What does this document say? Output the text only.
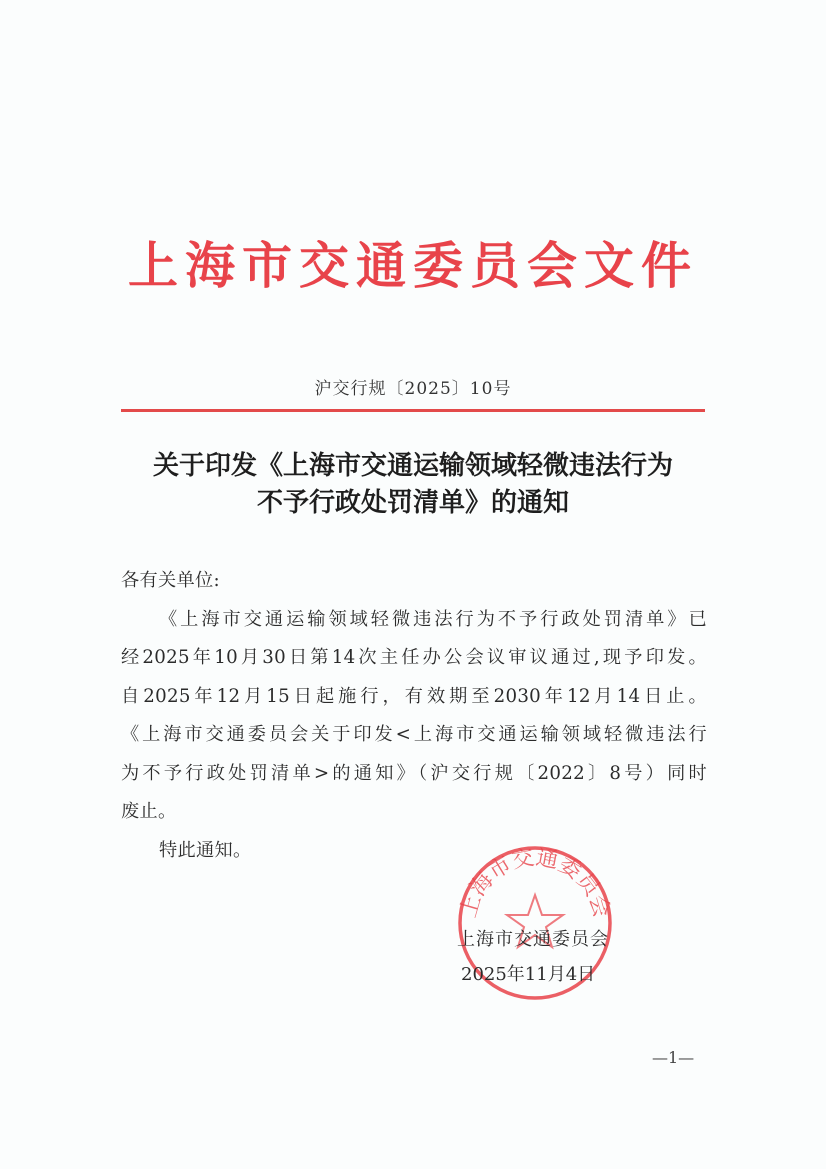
上海市交通委员会文件
沪交行规〔2025〕10号
关于印发《上海市交通运输领域轻微违法行为
不予行政处罚清单》的通知

各有关单位:

《上海市交通运输领域轻微违法行为不予行政处罚清单》已

经2025年10月30日第14次主任办公会议审议通过,现予印发。

自2025年12月15日起施行，有效期至2030年12月14日止。

《上海市交通委员会关于印发<上海市交通运输领域轻微违法行

为不予行政处罚清单>的通知》（沪交行规〔2022〕8号）同时

废止。

特此通知。

上海市交通委员会
上海市交通委员会
2025年11月4日
—1—
